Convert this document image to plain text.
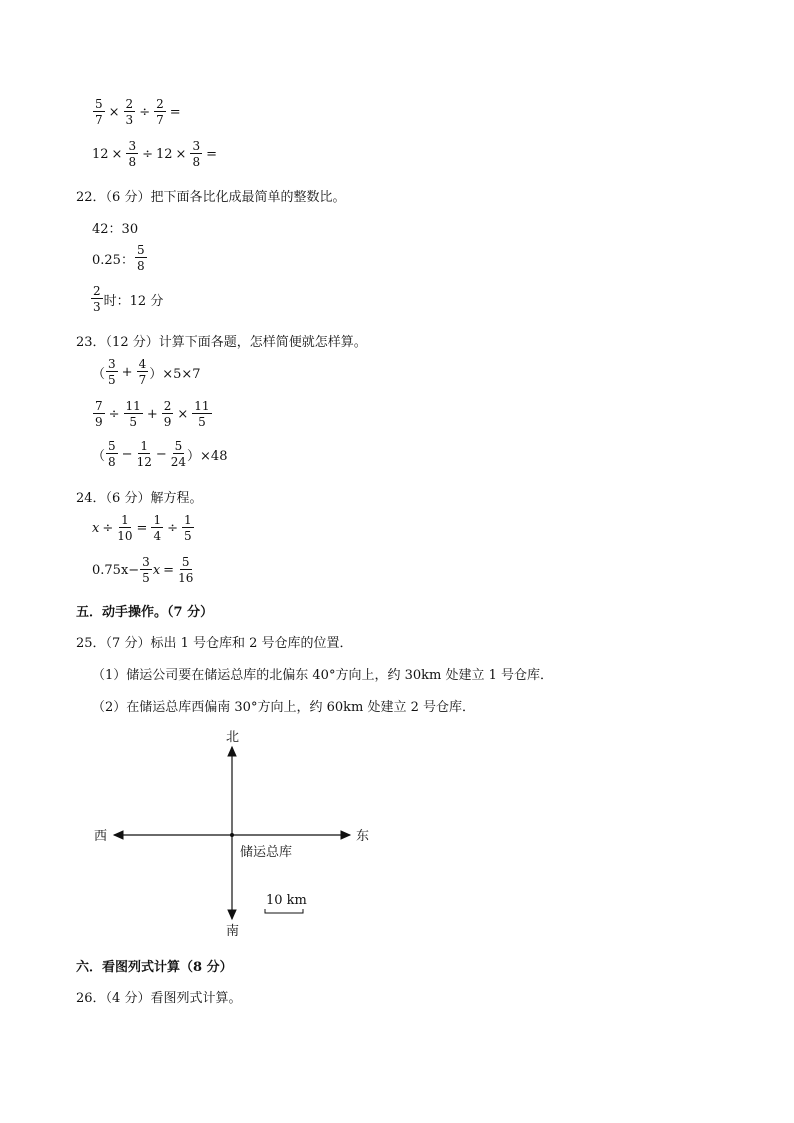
$\frac{5}{7} \times \frac{2}{3} \div \frac{2}{7}$ =
$12 \times \frac{3}{8} \div 12 \times \frac{3}{8}$ =
22．（6 分）把下面各比化成最简单的整数比。
42：30
0.25： $\frac{5}{8}$
$\frac{2}{3}$ 时：12 分
23．（12 分）计算下面各题，怎样简便就怎样算。
（ $\frac{3}{5} + \frac{4}{7} )\times 5\times 7$
$\frac{7}{9} \div \frac{11}{5} + \frac{2}{9} \times \frac{11}{5}$
（ $\frac{5}{8} - \frac{1}{12} - \frac{5}{24} )\times 48$
24．（6 分）解方程。
$x \div \frac{1}{10} = \frac{1}{4} \div \frac{1}{5}$
$0.75x- \frac{3}{5}$ $x = \frac{5}{16}$
五．动手操作。（7 分）
25．（7 分）标出 1 号仓库和 2 号仓库的位置．
（1）储运公司要在储运总库的北偏东 40°方向上，约 30km 处建立 1 号仓库．
（2）在储运总库西偏南 30°方向上，约 60km 处建立 2 号仓库．
北
南
西	东
储运总库
10 km
六．看图列式计算（8 分）
26．（4 分）看图列式计算。
